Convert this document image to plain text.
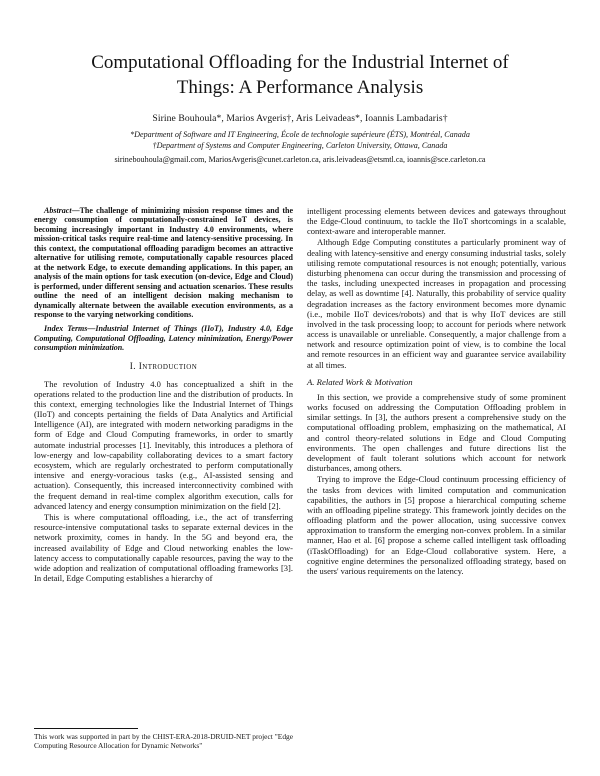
Computational Offloading for the Industrial Internet of Things: A Performance Analysis
Sirine Bouhoula*, Marios Avgeris†, Aris Leivadeas*, Ioannis Lambadaris†
*Department of Software and IT Engineering, École de technologie supérieure (ÉTS), Montréal, Canada
†Department of Systems and Computer Engineering, Carleton University, Ottawa, Canada
sirinebouhoula@gmail.com, MariosAvgeris@cunet.carleton.ca, aris.leivadeas@etsmtl.ca, ioannis@sce.carleton.ca

Abstract—The challenge of minimizing mission response times and the energy consumption of computationally-constrained IoT devices, is becoming increasingly important in Industry 4.0 environments, where mission-critical tasks require real-time and latency-sensitive processing. In this context, the computational offloading paradigm becomes an attractive alternative for utilising remote, computationally capable resources placed at the network Edge, to execute demanding applications. In this paper, an analysis of the main options for task execution (on-device, Edge and Cloud) is performed, under different sensing and actuation scenarios. These results outline the need of an intelligent decision making mechanism to dynamically alternate between the available execution environments, as a response to the varying networking conditions.

Index Terms—Industrial Internet of Things (IIoT), Industry 4.0, Edge Computing, Computational Offloading, Latency minimization, Energy/Power consumption minimization.

I. Introduction

The revolution of Industry 4.0 has conceptualized a shift in the operations related to the production line and the distribution of products. In this context, emerging technologies like the Industrial Internet of Things (IIoT) and concepts pertaining the fields of Data Analytics and Artificial Intelligence (AI), are integrated with modern networking paradigms in the form of Edge and Cloud Computing frameworks, in order to smartly automate industrial processes [1]. Inevitably, this introduces a plethora of low-energy and low-capability collaborating devices to a smart factory ecosystem, which are regularly orchestrated to perform computationally intensive and energy-voracious tasks (e.g., AI-assisted sensing and actuation). Consequently, this increased interconnectivity combined with the frequent demand in real-time complex algorithm execution, calls for advanced latency and energy consumption minimization on the field [2].

This is where computational offloading, i.e., the act of transferring resource-intensive computational tasks to separate external devices in the network proximity, comes in handy. In the 5G and beyond era, the increased availability of Edge and Cloud networking enables the low-latency access to computationally capable resources, paving the way to the wide adoption and realization of computational offloading frameworks [3]. In detail, Edge Computing establishes a hierarchy of

This work was supported in part by the CHIST-ERA-2018-DRUID-NET project "Edge Computing Resource Allocation for Dynamic Networks"

intelligent processing elements between devices and gateways throughout the Edge-Cloud continuum, to tackle the IIoT shortcomings in a scalable, context-aware and interoperable manner.

Although Edge Computing constitutes a particularly prominent way of dealing with latency-sensitive and energy consuming industrial tasks, solely utilising remote computational resources is not enough; potentially, various disturbing phenomena can occur during the transmission and processing of the tasks, including unexpected increases in propagation and processing delay, as well as downtime [4]. Naturally, this probability of service quality degradation increases as the factory environment becomes more dynamic (i.e., mobile IIoT devices/robots) and that is why IIoT devices are still involved in the task processing loop; to account for periods where network access is unavailable or unreliable. Consequently, a major challenge from a network and resource optimization point of view, is to combine the local and remote resources in an efficient way and guarantee service availability at all times.

A. Related Work & Motivation

In this section, we provide a comprehensive study of some prominent works focused on addressing the Computation Offloading problem in similar settings. In [3], the authors present a comprehensive study on the computational offloading problem, emphasizing on the mathematical, AI and control theory-related solutions in Edge and Cloud Computing environments. The open challenges and future directions list the development of fault tolerant solutions which account for network disturbances, among others.

Trying to improve the Edge-Cloud continuum processing efficiency of the tasks from devices with limited computation and communication capabilities, the authors in [5] propose a hierarchical computing scheme with an offloading pipeline strategy. This framework jointly decides on the offloading platform and the power allocation, using successive convex approximation to transform the emerging non-convex problem. In a similar manner, Hao et al. [6] propose a scheme called intelligent task offloading (iTaskOffloading) for an Edge-Cloud collaborative system. Here, a cognitive engine determines the personalized offloading strategy, based on the users' various requirements on the latency.
